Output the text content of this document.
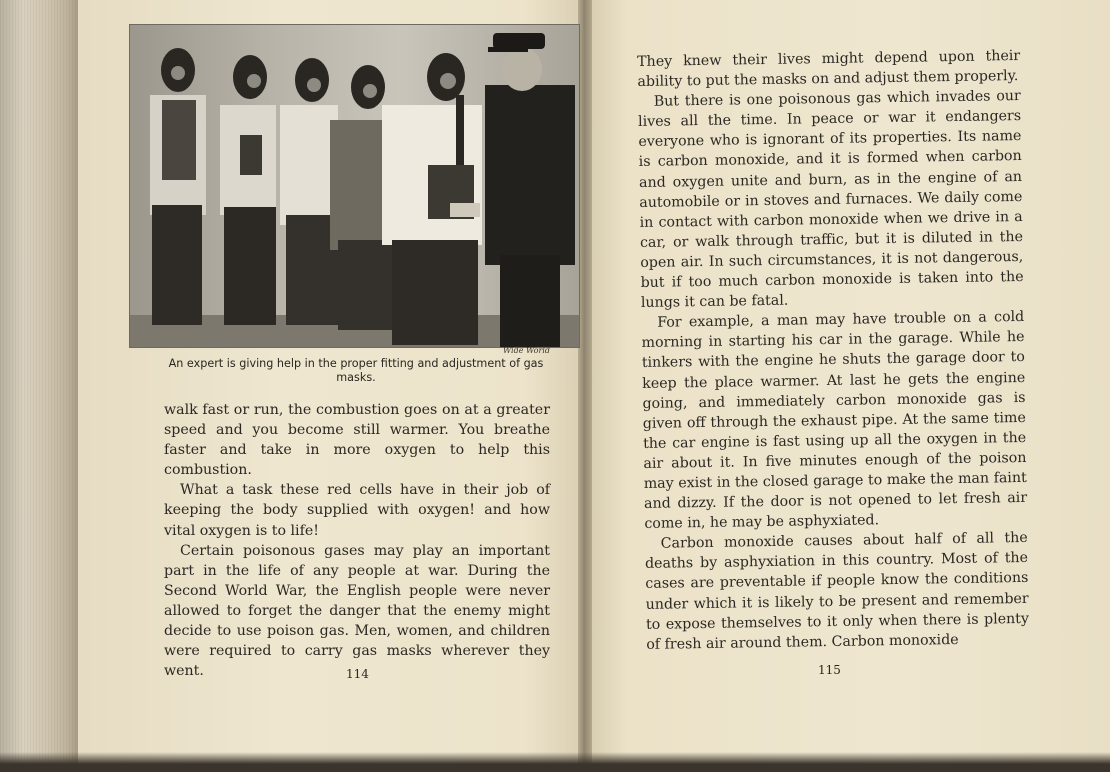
Wide World
An expert is giving help in the proper fitting and adjustment of gas masks.

walk fast or run, the combustion goes on at a greater speed and you become still warmer. You breathe faster and take in more oxygen to help this combustion.

What a task these red cells have in their job of keeping the body supplied with oxygen! and how vital oxygen is to life!

Certain poisonous gases may play an important part in the life of any people at war. During the Second World War, the English people were never allowed to forget the danger that the enemy might decide to use poison gas. Men, women, and children were required to carry gas masks wherever they went.	114

They knew their lives might depend upon their ability to put the masks on and adjust them properly.

But there is one poisonous gas which invades our lives all the time. In peace or war it endangers everyone who is ignorant of its properties. Its name is carbon monoxide, and it is formed when carbon and oxygen unite and burn, as in the engine of an automobile or in stoves and furnaces. We daily come in contact with carbon monoxide when we drive in a car, or walk through traffic, but it is diluted in the open air. In such circumstances, it is not dangerous, but if too much carbon monoxide is taken into the lungs it can be fatal.

For example, a man may have trouble on a cold morning in starting his car in the garage. While he tinkers with the engine he shuts the garage door to keep the place warmer. At last he gets the engine going, and immediately carbon monoxide gas is given off through the exhaust pipe. At the same time the car engine is fast using up all the oxygen in the air about it. In five minutes enough of the poison may exist in the closed garage to make the man faint and dizzy. If the door is not opened to let fresh air come in, he may be asphyxiated.

Carbon monoxide causes about half of all the deaths by asphyxiation in this country. Most of the cases are preventable if people know the conditions under which it is likely to be present and remember to expose themselves to it only when there is plenty of fresh air around them. Carbon monoxide

115
